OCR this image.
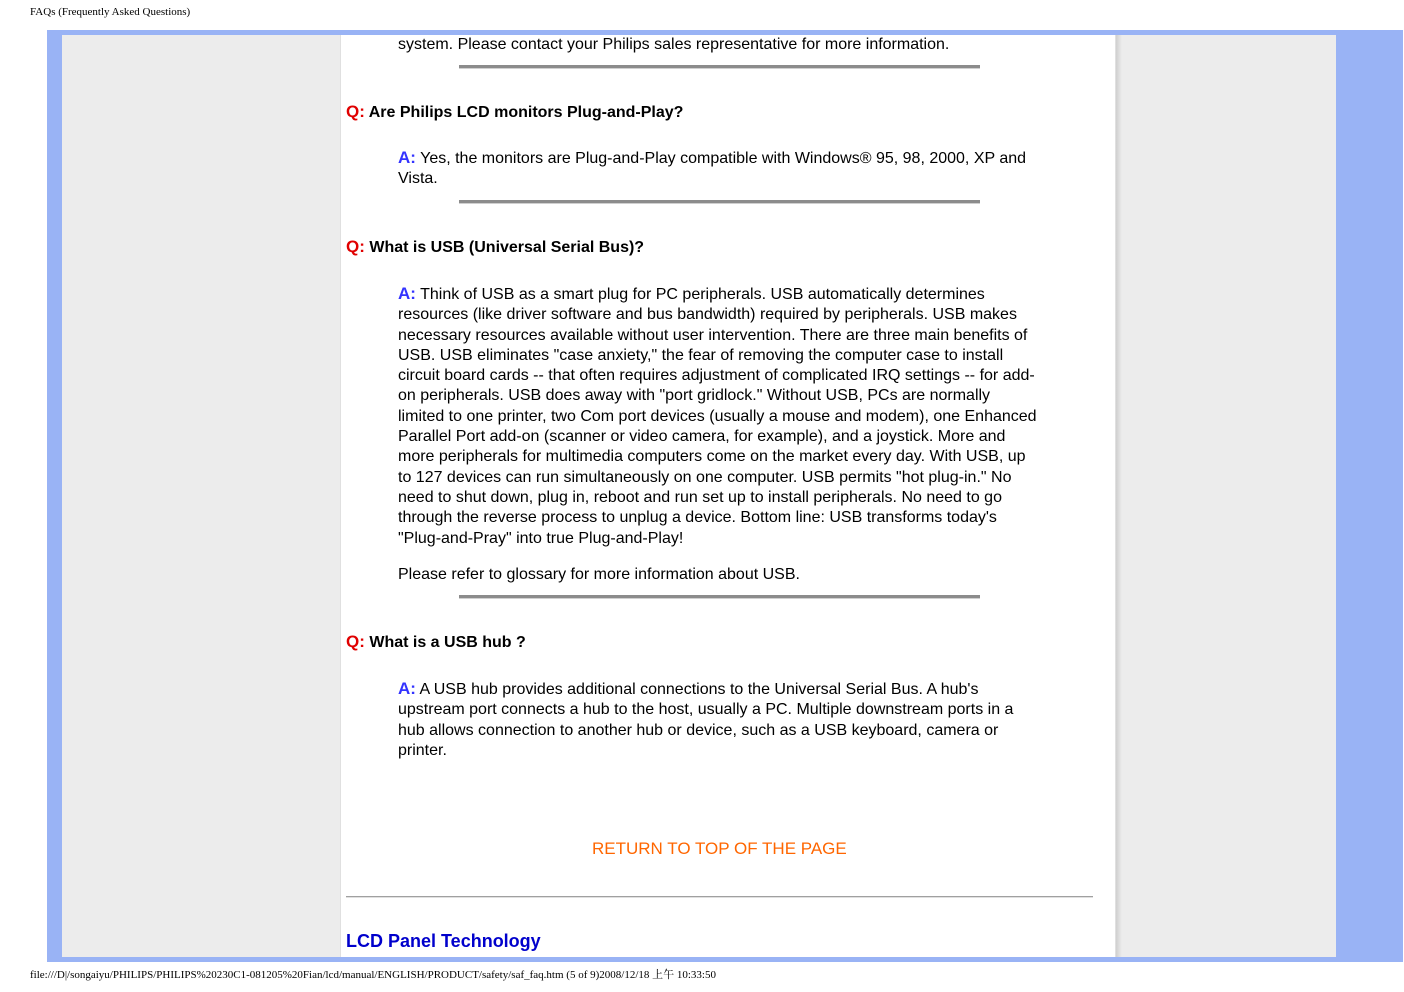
FAQs (Frequently Asked Questions)
system. Please contact your Philips sales representative for more information.
Q: Are Philips LCD monitors Plug-and-Play?
A: Yes, the monitors are Plug-and-Play compatible with Windows® 95, 98, 2000, XP and Vista.
Q: What is USB (Universal Serial Bus)?
A: Think of USB as a smart plug for PC peripherals. USB automatically determines resources (like driver software and bus bandwidth) required by peripherals. USB makes necessary resources available without user intervention. There are three main benefits of USB. USB eliminates "case anxiety," the fear of removing the computer case to install circuit board cards -- that often requires adjustment of complicated IRQ settings -- for add-on peripherals. USB does away with "port gridlock." Without USB, PCs are normally limited to one printer, two Com port devices (usually a mouse and modem), one Enhanced Parallel Port add-on (scanner or video camera, for example), and a joystick. More and more peripherals for multimedia computers come on the market every day. With USB, up to 127 devices can run simultaneously on one computer. USB permits "hot plug-in." No need to shut down, plug in, reboot and run set up to install peripherals. No need to go through the reverse process to unplug a device. Bottom line: USB transforms today's "Plug-and-Pray" into true Plug-and-Play!
Please refer to glossary for more information about USB.
Q: What is a USB hub ?
A: A USB hub provides additional connections to the Universal Serial Bus. A hub's upstream port connects a hub to the host, usually a PC. Multiple downstream ports in a hub allows connection to another hub or device, such as a USB keyboard, camera or printer.
RETURN TO TOP OF THE PAGE
LCD Panel Technology
file:///D|/songaiyu/PHILIPS/PHILIPS%20230C1-081205%20Fian/lcd/manual/ENGLISH/PRODUCT/safety/saf_faq.htm (5 of 9)2008/12/18 上午 10:33:50
